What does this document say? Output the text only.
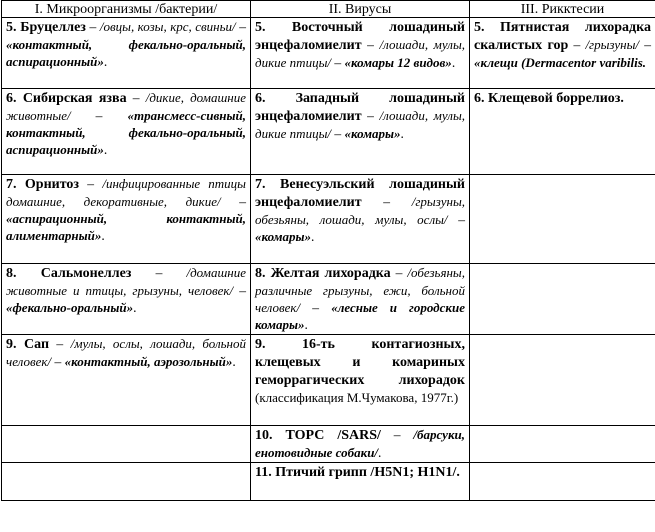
I. Микроорганизмы /бактерии/	II. Вирусы	III. Рикктесии
5. Бруцеллез – /овцы, козы, крс, свиньи/ – «контактный, фекально-оральный, аспирационный».	5. Восточный лошадиный энцефаломиелит – /лошади, мулы, дикие птицы/ – «комары 12 видов».	5. Пятнистая лихорадка скалистых гор – /грызуны/ – «клещи (Dermacentor varibilis.
6. Сибирская язва – /дикие, домашние животные/ – «трансмесс-сивный, контактный, фекально-оральный, аспирационный».	6. Западный лошадиный энцефаломиелит – /лошади, мулы, дикие птицы/ – «комары».	6. Клещевой боррелиоз.
7. Орнитоз – /инфицированные птицы домашние, декоративные, дикие/ – «аспирационный, контактный, алиментарный».	7. Венесуэльский лошадиный энцефаломиелит – /грызуны, обезьяны, лошади, мулы, ослы/ – «комары».	
8. Сальмонеллез – /домашние животные и птицы, грызуны, человек/ – «фекально-оральный».	8. Желтая лихорадка – /обезьяны, различные грызуны, ежи, больной человек/ – «лесные и городские комары».	
9. Сап – /мулы, ослы, лошади, больной человек/ – «контактный, аэрозольный».	9. 16-ть контагиозных, клещевых и комариных геморрагических лихорадок (классификация М.Чумакова, 1977г.)	
	10. ТОРС /SARS/ – /барсуки, енотовидные собаки/.	
	11. Птичий грипп /H5N1; H1N1/.	
